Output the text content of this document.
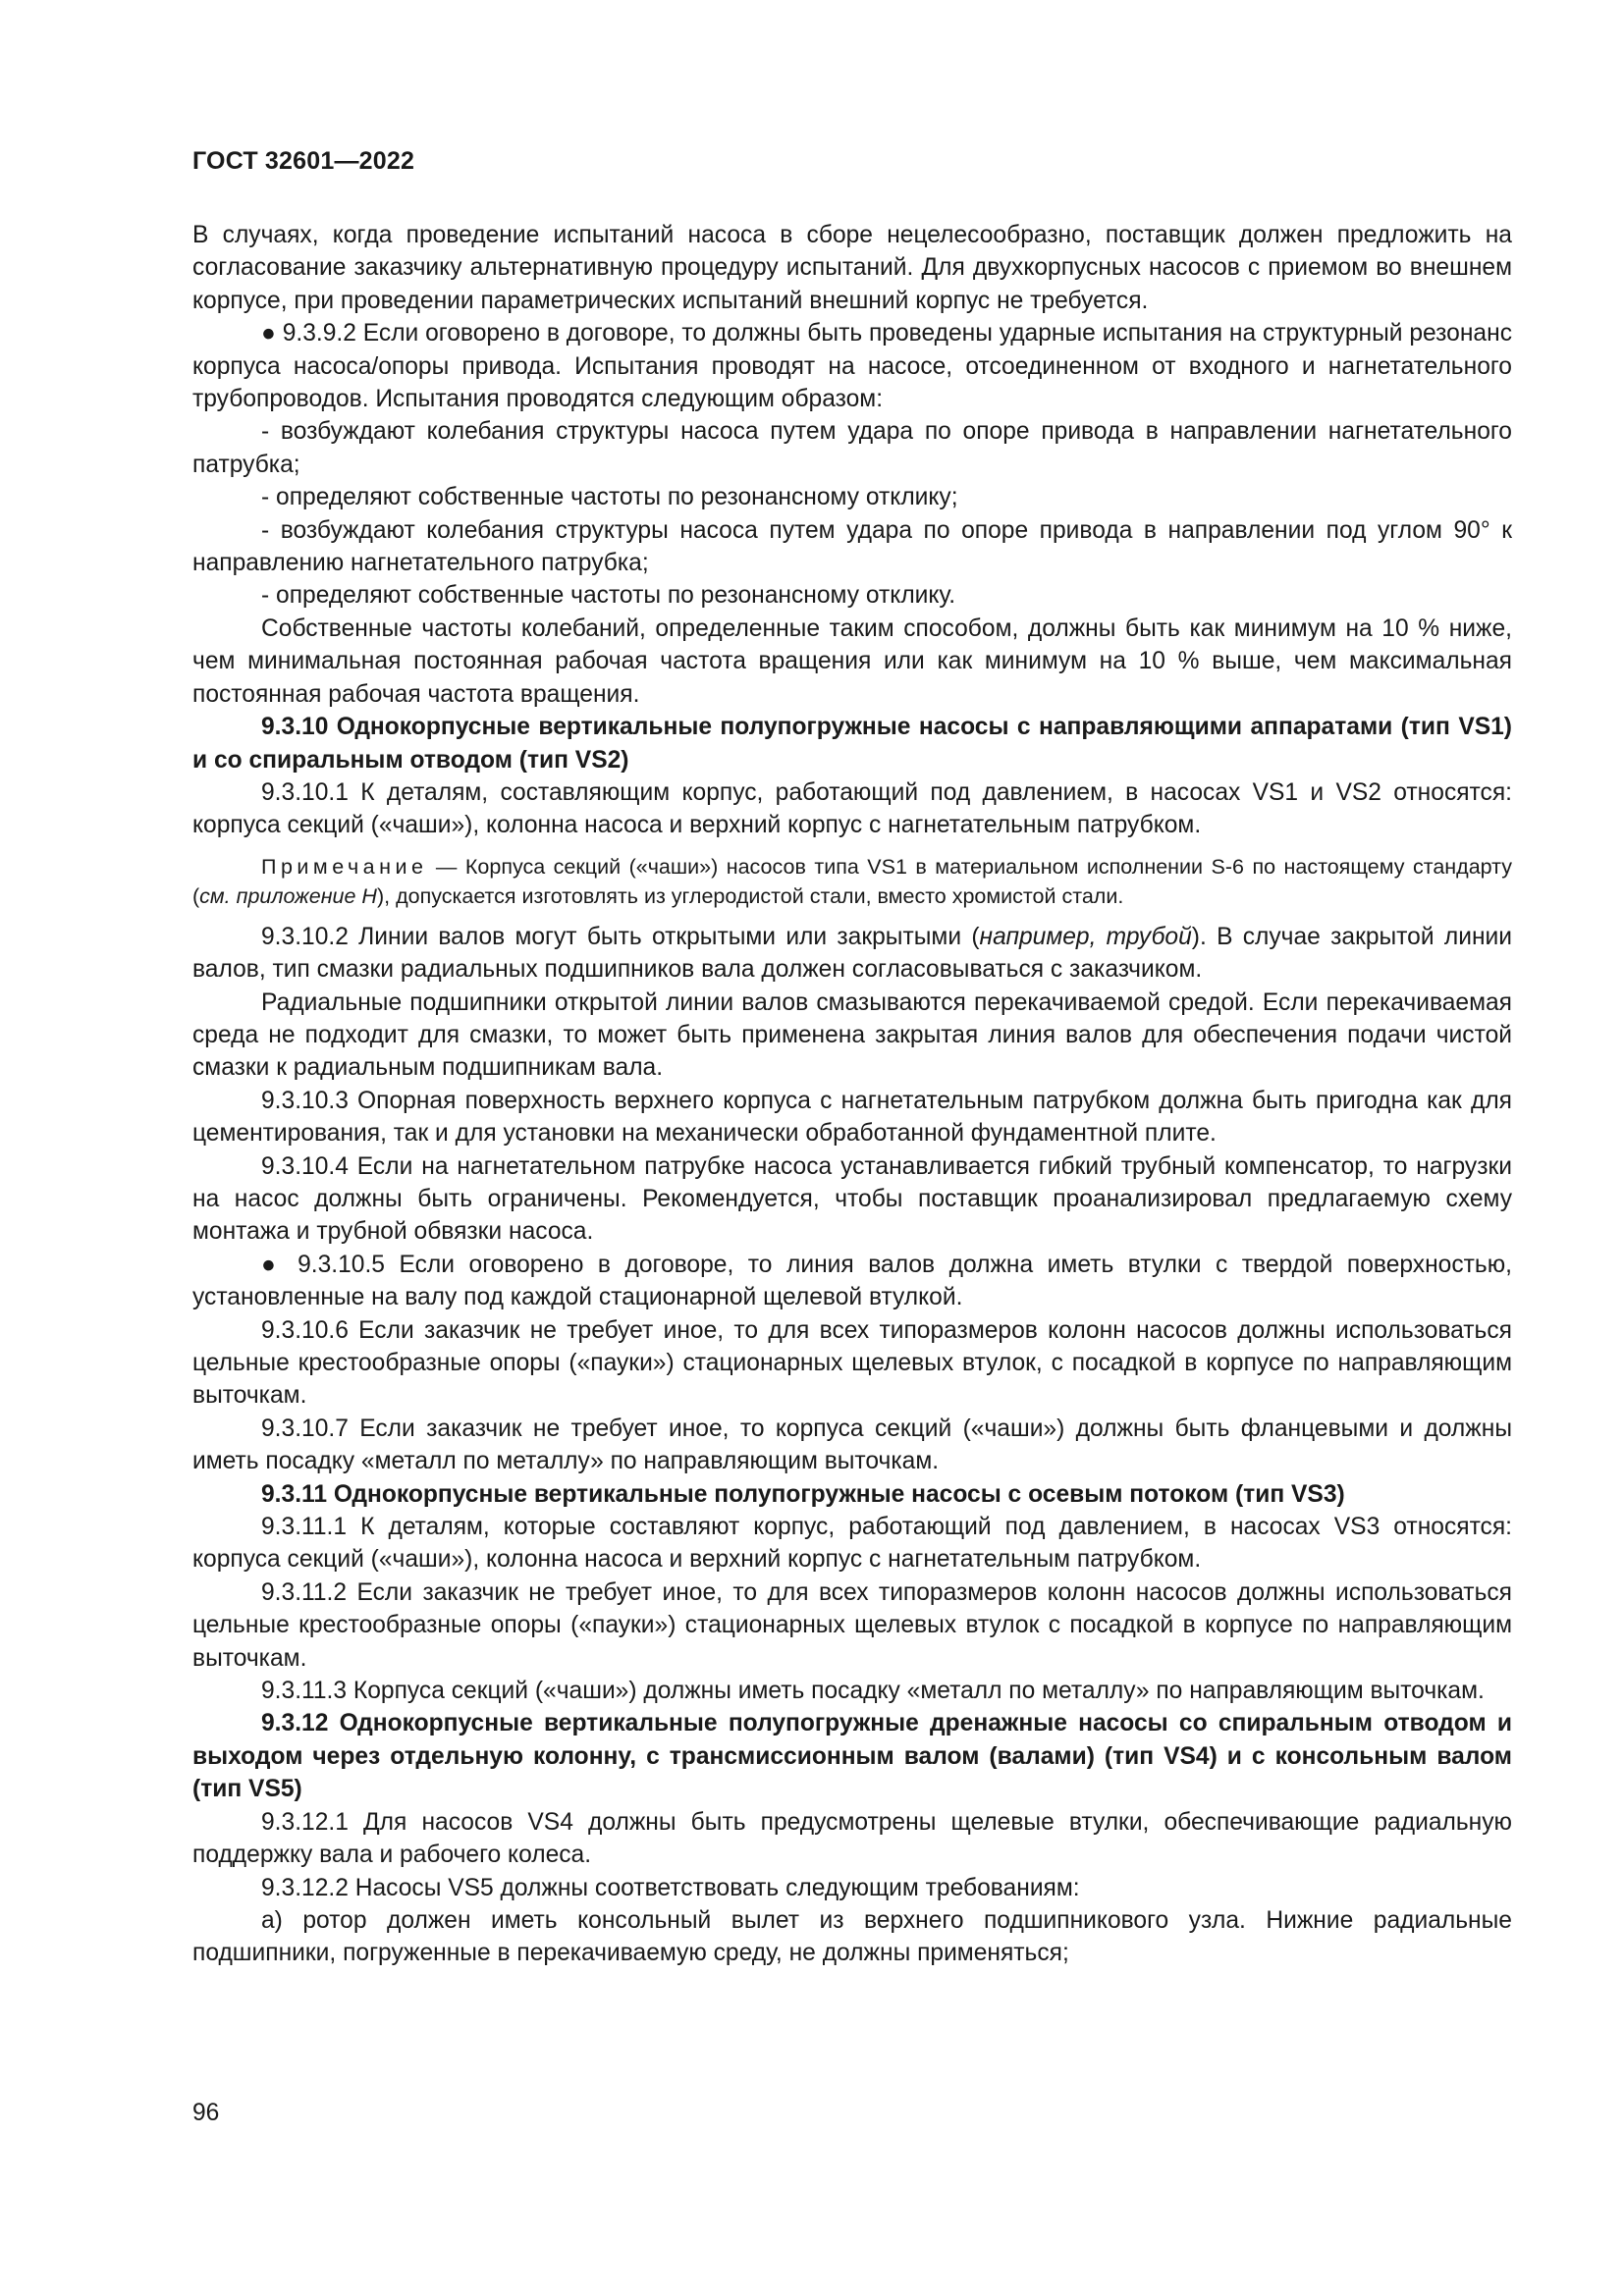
ГОСТ 32601—2022

В случаях, когда проведение испытаний насоса в сборе нецелесообразно, поставщик должен предложить на согласование заказчику альтернативную процедуру испытаний. Для двухкорпусных насосов с приемом во внешнем корпусе, при проведении параметрических испытаний внешний корпус не требуется.

● 9.3.9.2 Если оговорено в договоре, то должны быть проведены ударные испытания на структурный резонанс корпуса насоса/опоры привода. Испытания проводят на насосе, отсоединенном от входного и нагнетательного трубопроводов. Испытания проводятся следующим образом:

- возбуждают колебания структуры насоса путем удара по опоре привода в направлении нагнетательного патрубка;

- определяют собственные частоты по резонансному отклику;

- возбуждают колебания структуры насоса путем удара по опоре привода в направлении под углом 90° к направлению нагнетательного патрубка;

- определяют собственные частоты по резонансному отклику.

Собственные частоты колебаний, определенные таким способом, должны быть как минимум на 10 % ниже, чем минимальная постоянная рабочая частота вращения или как минимум на 10 % выше, чем максимальная постоянная рабочая частота вращения.

9.3.10 Однокорпусные вертикальные полупогружные насосы с направляющими аппаратами (тип VS1) и со спиральным отводом (тип VS2)

9.3.10.1 К деталям, составляющим корпус, работающий под давлением, в насосах VS1 и VS2 относятся: корпуса секций («чаши»), колонна насоса и верхний корпус с нагнетательным патрубком.

Примечание — Корпуса секций («чаши») насосов типа VS1 в материальном исполнении S-6 по настоящему стандарту (см. приложение Н), допускается изготовлять из углеродистой стали, вместо хромистой стали.

9.3.10.2 Линии валов могут быть открытыми или закрытыми (например, трубой). В случае закрытой линии валов, тип смазки радиальных подшипников вала должен согласовываться с заказчиком.

Радиальные подшипники открытой линии валов смазываются перекачиваемой средой. Если перекачиваемая среда не подходит для смазки, то может быть применена закрытая линия валов для обеспечения подачи чистой смазки к радиальным подшипникам вала.

9.3.10.3 Опорная поверхность верхнего корпуса с нагнетательным патрубком должна быть пригодна как для цементирования, так и для установки на механически обработанной фундаментной плите.

9.3.10.4 Если на нагнетательном патрубке насоса устанавливается гибкий трубный компенсатор, то нагрузки на насос должны быть ограничены. Рекомендуется, чтобы поставщик проанализировал предлагаемую схему монтажа и трубной обвязки насоса.

● 9.3.10.5 Если оговорено в договоре, то линия валов должна иметь втулки с твердой поверхностью, установленные на валу под каждой стационарной щелевой втулкой.

9.3.10.6 Если заказчик не требует иное, то для всех типоразмеров колонн насосов должны использоваться цельные крестообразные опоры («пауки») стационарных щелевых втулок, с посадкой в корпусе по направляющим выточкам.

9.3.10.7 Если заказчик не требует иное, то корпуса секций («чаши») должны быть фланцевыми и должны иметь посадку «металл по металлу» по направляющим выточкам.

9.3.11 Однокорпусные вертикальные полупогружные насосы с осевым потоком (тип VS3)

9.3.11.1 К деталям, которые составляют корпус, работающий под давлением, в насосах VS3 относятся: корпуса секций («чаши»), колонна насоса и верхний корпус с нагнетательным патрубком.

9.3.11.2 Если заказчик не требует иное, то для всех типоразмеров колонн насосов должны использоваться цельные крестообразные опоры («пауки») стационарных щелевых втулок с посадкой в корпусе по направляющим выточкам.

9.3.11.3 Корпуса секций («чаши») должны иметь посадку «металл по металлу» по направляющим выточкам.

9.3.12 Однокорпусные вертикальные полупогружные дренажные насосы со спиральным отводом и выходом через отдельную колонну, с трансмиссионным валом (валами) (тип VS4) и с консольным валом (тип VS5)

9.3.12.1 Для насосов VS4 должны быть предусмотрены щелевые втулки, обеспечивающие радиальную поддержку вала и рабочего колеса.

9.3.12.2 Насосы VS5 должны соответствовать следующим требованиям:

а) ротор должен иметь консольный вылет из верхнего подшипникового узла. Нижние радиальные подшипники, погруженные в перекачиваемую среду, не должны применяться;

96
